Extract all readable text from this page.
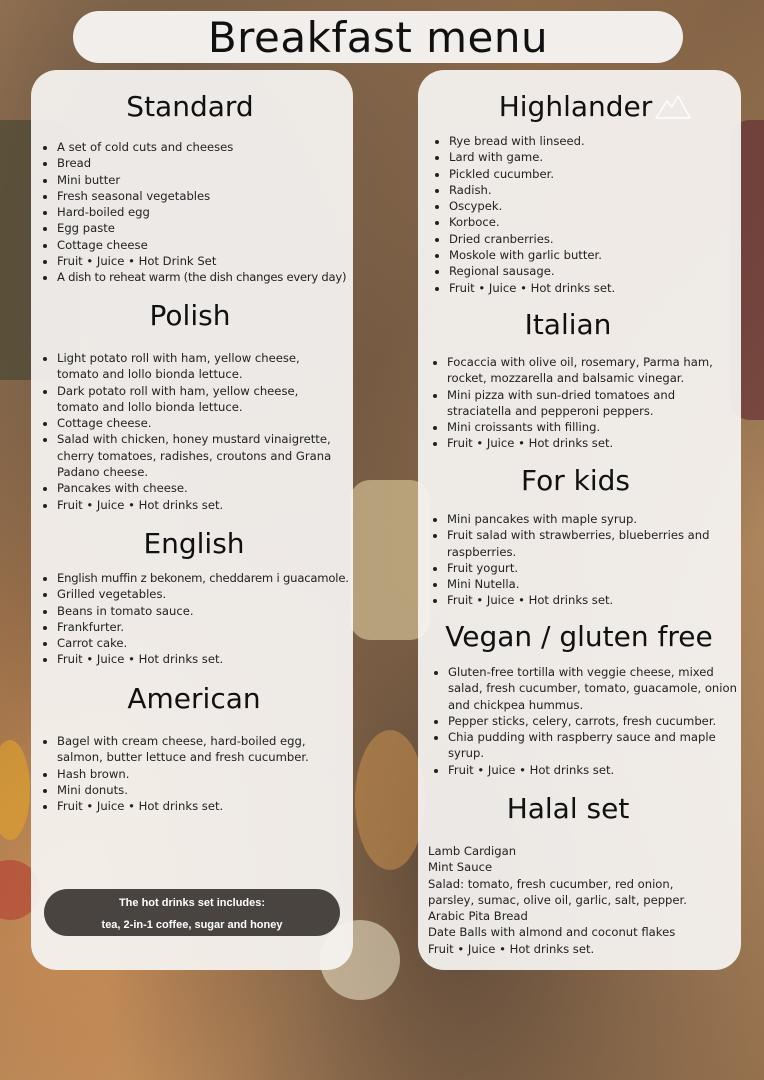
Breakfast menu
Standard
• A set of cold cuts and cheeses
• Bread
• Mini butter
• Fresh seasonal vegetables
• Hard-boiled egg
• Egg paste
• Cottage cheese
• Fruit • Juice • Hot Drink Set
• A dish to reheat warm (the dish changes every day)
Polish
• Light potato roll with ham, yellow cheese, tomato and lollo bionda lettuce.
• Dark potato roll with ham, yellow cheese, tomato and lollo bionda lettuce.
• Cottage cheese.
• Salad with chicken, honey mustard vinaigrette, cherry tomatoes, radishes, croutons and Grana Padano cheese.
• Pancakes with cheese.
• Fruit • Juice • Hot drinks set.
English
• English muffin z bekonem, cheddarem i guacamole.
• Grilled vegetables.
• Beans in tomato sauce.
• Frankfurter.
• Carrot cake.
• Fruit • Juice • Hot drinks set.
American
• Bagel with cream cheese, hard-boiled egg, salmon, butter lettuce and fresh cucumber.
• Hash brown.
• Mini donuts.
• Fruit • Juice • Hot drinks set.
The hot drinks set includes:
tea, 2-in-1 coffee, sugar and honey
Highlander
• Rye bread with linseed.
• Lard with game.
• Pickled cucumber.
• Radish.
• Oscypek.
• Korboce.
• Dried cranberries.
• Moskole with garlic butter.
• Regional sausage.
• Fruit • Juice • Hot drinks set.
Italian
• Focaccia with olive oil, rosemary, Parma ham, rocket, mozzarella and balsamic vinegar.
• Mini pizza with sun-dried tomatoes and straciatella and pepperoni peppers.
• Mini croissants with filling.
• Fruit • Juice • Hot drinks set.
For kids
• Mini pancakes with maple syrup.
• Fruit salad with strawberries, blueberries and raspberries.
• Fruit yogurt.
• Mini Nutella.
• Fruit • Juice • Hot drinks set.
Vegan / gluten free
• Gluten-free tortilla with veggie cheese, mixed salad, fresh cucumber, tomato, guacamole, onion and chickpea hummus.
• Pepper sticks, celery, carrots, fresh cucumber.
• Chia pudding with raspberry sauce and maple syrup.
• Fruit • Juice • Hot drinks set.
Halal set
Lamb Cardigan
Mint Sauce
Salad: tomato, fresh cucumber, red onion, parsley, sumac, olive oil, garlic, salt, pepper.
Arabic Pita Bread
Date Balls with almond and coconut flakes
Fruit • Juice • Hot drinks set.
